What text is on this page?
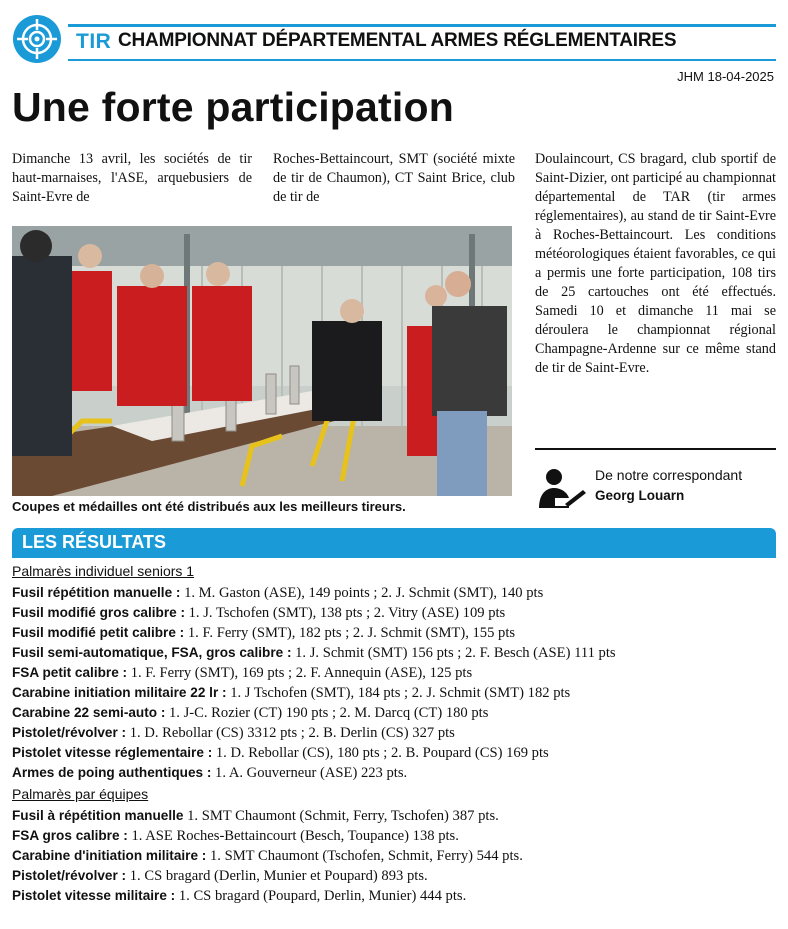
TIR CHAMPIONNAT DÉPARTEMENTAL ARMES RÉGLEMENTAIRES
JHM 18-04-2025
Une forte participation
Dimanche 13 avril, les sociétés de tir haut-marnaises, l'ASE, arquebusiers de Saint-Evre de
Roches-Bettaincourt, SMT (société mixte de tir de Chaumon), CT Saint Brice, club de tir de
Doulaincourt, CS bragard, club sportif de Saint-Dizier, ont participé au championnat départemental de TAR (tir armes réglementaires), au stand de tir Saint-Evre à Roches-Bettaincourt. Les conditions météorologiques étaient favorables, ce qui a permis une forte participation, 108 tirs de 25 cartouches ont été effectués. Samedi 10 et dimanche 11 mai se déroulera le championnat régional Champagne-Ardenne sur ce même stand de tir de Saint-Evre.
Coupes et médailles ont été distribués aux les meilleurs tireurs.
De notre correspondant
Georg Louarn
LES RÉSULTATS

Palmarès individuel seniors 1

Fusil répétition manuelle : 1. M. Gaston (ASE), 149 points ; 2. J. Schmit (SMT), 140 pts

Fusil modifié gros calibre : 1. J. Tschofen (SMT), 138 pts ; 2. Vitry (ASE) 109 pts

Fusil modifié petit calibre : 1. F. Ferry (SMT), 182 pts ; 2. J. Schmit (SMT), 155 pts

Fusil semi-automatique, FSA, gros calibre : 1. J. Schmit (SMT) 156 pts ; 2. F. Besch (ASE) 111 pts

FSA petit calibre : 1. F. Ferry (SMT), 169 pts ; 2. F. Annequin (ASE), 125 pts

Carabine initiation militaire 22 lr : 1. J Tschofen (SMT), 184 pts ; 2. J. Schmit (SMT) 182 pts

Carabine 22 semi-auto : 1. J-C. Rozier (CT) 190 pts ; 2. M. Darcq (CT) 180 pts

Pistolet/révolver : 1. D. Rebollar (CS) 3312 pts ; 2. B. Derlin (CS) 327 pts

Pistolet vitesse réglementaire : 1. D. Rebollar (CS), 180 pts ; 2. B. Poupard (CS) 169 pts

Armes de poing authentiques : 1. A. Gouverneur (ASE) 223 pts.

Palmarès par équipes

Fusil à répétition manuelle 1. SMT Chaumont (Schmit, Ferry, Tschofen) 387 pts.

FSA gros calibre : 1. ASE Roches-Bettaincourt (Besch, Toupance) 138 pts.

Carabine d'initiation militaire : 1. SMT Chaumont (Tschofen, Schmit, Ferry) 544 pts.

Pistolet/révolver : 1. CS bragard (Derlin, Munier et Poupard) 893 pts.

Pistolet vitesse militaire : 1. CS bragard (Poupard, Derlin, Munier) 444 pts.
